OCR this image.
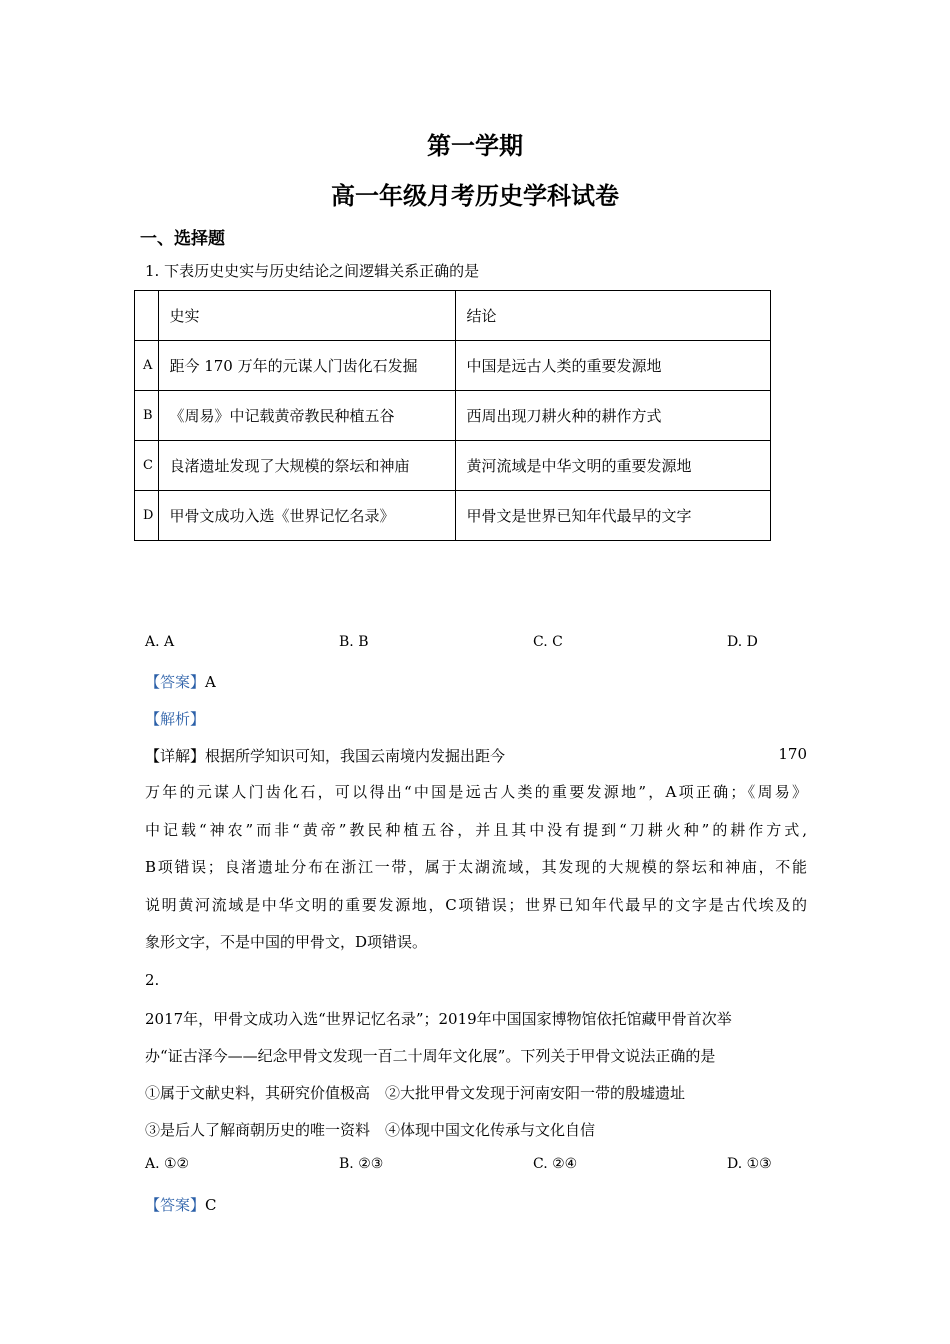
第一学期
高一年级月考历史学科试卷
一、选择题
1. 下表历史史实与历史结论之间逻辑关系正确的是
	史实	结论
A	距今 170 万年的元谋人门齿化石发掘	中国是远古人类的重要发源地
B	《周易》中记载黄帝教民种植五谷	西周出现刀耕火种的耕作方式
C	良渚遗址发现了大规模的祭坛和神庙	黄河流域是中华文明的重要发源地
D	甲骨文成功入选《世界记忆名录》	甲骨文是世界已知年代最早的文字
A. A	B. B	C. C	D. D
【答案】A
【解析】
【详解】根据所学知识可知，我国云南境内发掘出距今	170
万年的元谋人门齿化石，可以得出“中国是远古人类的重要发源地”，A项正确；《周易》
中记载“神农”而非“黄帝”教民种植五谷，并且其中没有提到“刀耕火种”的耕作方式,
B项错误；良渚遗址分布在浙江一带，属于太湖流域，其发现的大规模的祭坛和神庙，不能
说明黄河流域是中华文明的重要发源地，C项错误；世界已知年代最早的文字是古代埃及的
象形文字，不是中国的甲骨文，D项错误。
2.
2017年，甲骨文成功入选“世界记忆名录”；2019年中国国家博物馆依托馆藏甲骨首次举
办“证古泽今——纪念甲骨文发现一百二十周年文化展”。下列关于甲骨文说法正确的是
①属于文献史料，其研究价值极高　②大批甲骨文发现于河南安阳一带的殷墟遗址
③是后人了解商朝历史的唯一资料　④体现中国文化传承与文化自信
A. ①②	B. ②③	C. ②④	D. ①③
【答案】C
